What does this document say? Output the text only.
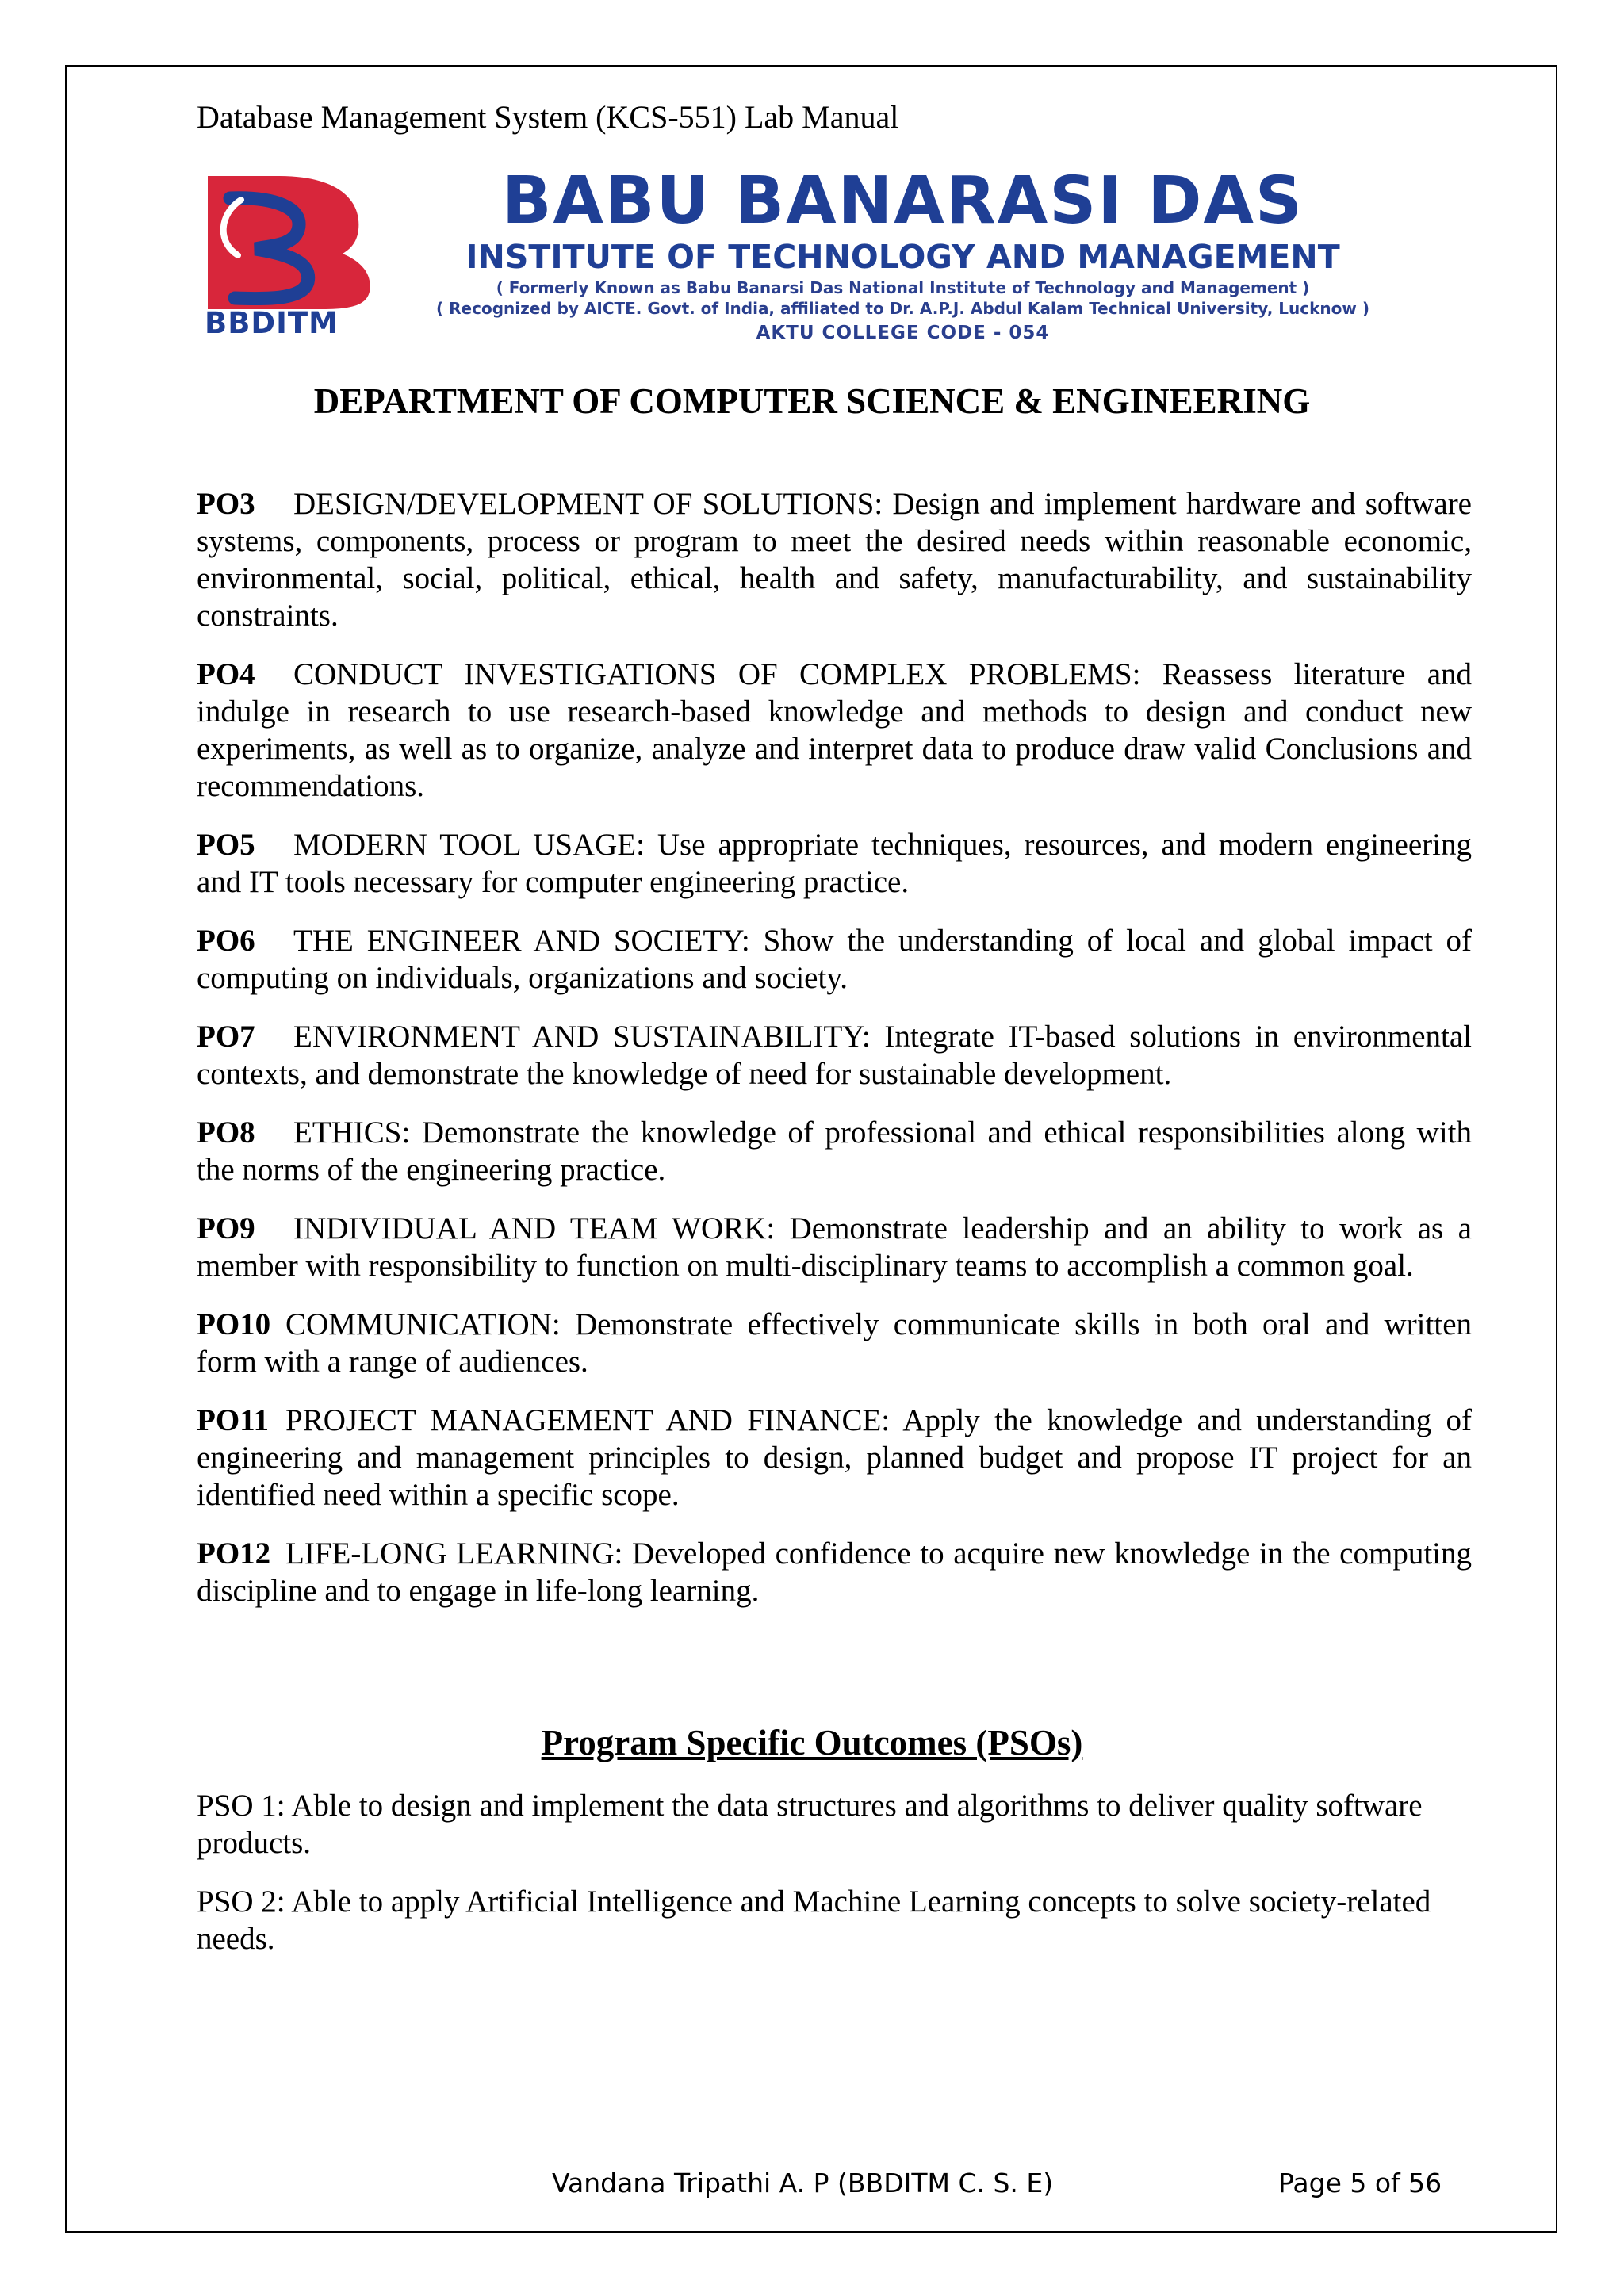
Database Management System (KCS-551) Lab Manual
BBDITM
BABU BANARASI DAS
INSTITUTE OF TECHNOLOGY AND MANAGEMENT
( Formerly Known as Babu Banarsi Das National Institute of Technology and Management )
( Recognized by AICTE. Govt. of India, affiliated to Dr. A.P.J. Abdul Kalam Technical University, Lucknow )
AKTU COLLEGE CODE - 054
DEPARTMENT OF COMPUTER SCIENCE & ENGINEERING
PO3 DESIGN/DEVELOPMENT OF SOLUTIONS: Design and implement hardware and software systems, components, process or program to meet the desired needs within reasonable economic, environmental, social, political, ethical, health and safety, manufacturability, and sustainability constraints.
PO4 CONDUCT INVESTIGATIONS OF COMPLEX PROBLEMS: Reassess literature and indulge in research to use research-based knowledge and methods to design and conduct new experiments, as well as to organize, analyze and interpret data to produce draw valid Conclusions and recommendations.
PO5 MODERN TOOL USAGE: Use appropriate techniques, resources, and modern engineering and IT tools necessary for computer engineering practice.
PO6 THE ENGINEER AND SOCIETY: Show the understanding of local and global impact of computing on individuals, organizations and society.
PO7 ENVIRONMENT AND SUSTAINABILITY: Integrate IT-based solutions in environmental contexts, and demonstrate the knowledge of need for sustainable development.
PO8 ETHICS: Demonstrate the knowledge of professional and ethical responsibilities along with the norms of the engineering practice.
PO9 INDIVIDUAL AND TEAM WORK: Demonstrate leadership and an ability to work as a member with responsibility to function on multi-disciplinary teams to accomplish a common goal.
PO10 COMMUNICATION: Demonstrate effectively communicate skills in both oral and written form with a range of audiences.
PO11 PROJECT MANAGEMENT AND FINANCE: Apply the knowledge and understanding of engineering and management principles to design, planned budget and propose IT project for an identified need within a specific scope.
PO12 LIFE-LONG LEARNING: Developed confidence to acquire new knowledge in the computing discipline and to engage in life-long learning.
Program Specific Outcomes (PSOs)
PSO 1: Able to design and implement the data structures and algorithms to deliver quality software products.
PSO 2: Able to apply Artificial Intelligence and Machine Learning concepts to solve society-related needs.
Vandana Tripathi A. P (BBDITM C. S. E)	Page 5 of 56
